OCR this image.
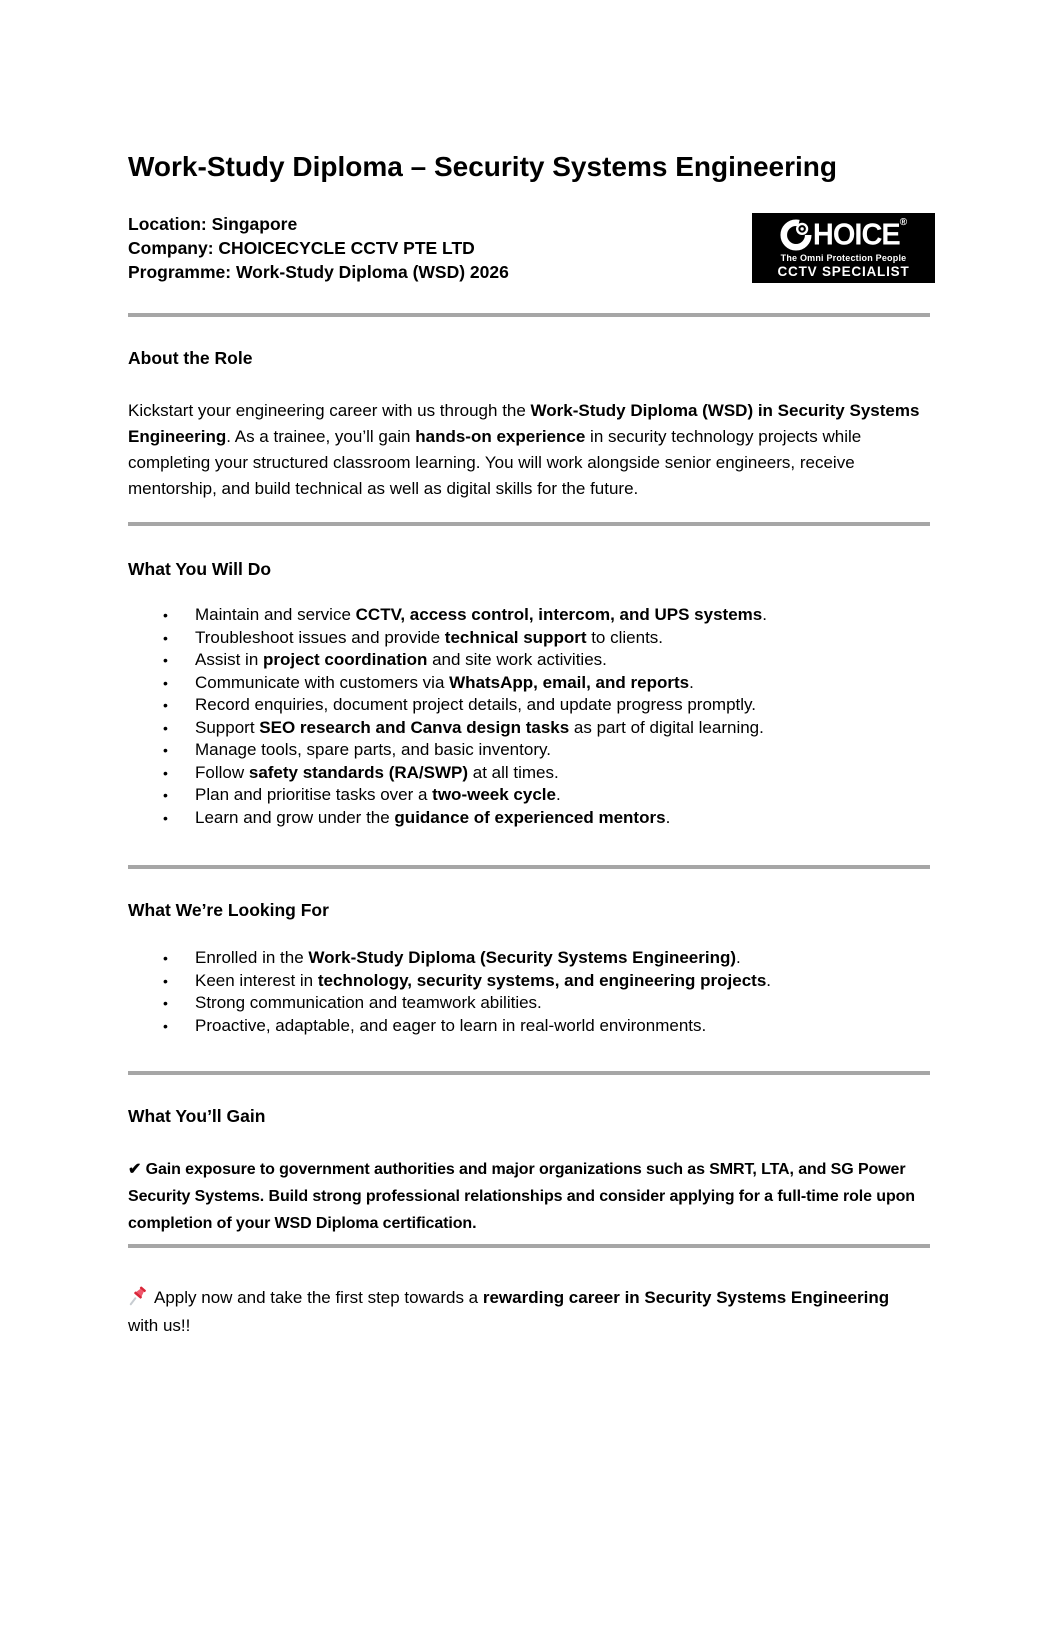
HOICE ®
The Omni Protection People
CCTV SPECIALIST
Work-Study Diploma – Security Systems Engineering
Location: Singapore
Company: CHOICECYCLE CCTV PTE LTD
Programme: Work-Study Diploma (WSD) 2026
About the Role

Kickstart your engineering career with us through the Work-Study Diploma (WSD) in Security Systems Engineering. As a trainee, you’ll gain hands-on experience in security technology projects while completing your structured classroom learning. You will work alongside senior engineers, receive mentorship, and build technical as well as digital skills for the future.

What You Will Do
•	Maintain and service CCTV, access control, intercom, and UPS systems.
•	Troubleshoot issues and provide technical support to clients.
•	Assist in project coordination and site work activities.
•	Communicate with customers via WhatsApp, email, and reports.
•	Record enquiries, document project details, and update progress promptly.
•	Support SEO research and Canva design tasks as part of digital learning.
•	Manage tools, spare parts, and basic inventory.
•	Follow safety standards (RA/SWP) at all times.
•	Plan and prioritise tasks over a two-week cycle.
•	Learn and grow under the guidance of experienced mentors.
What We’re Looking For
•	Enrolled in the Work-Study Diploma (Security Systems Engineering).
•	Keen interest in technology, security systems, and engineering projects.
•	Strong communication and teamwork abilities.
•	Proactive, adaptable, and eager to learn in real-world environments.
What You’ll Gain

✔ Gain exposure to government authorities and major organizations such as SMRT, LTA, and SG Power Security Systems. Build strong professional relationships and consider applying for a full-time role upon completion of your WSD Diploma certification.

Apply now and take the first step towards a rewarding career in Security Systems Engineering with us!!
